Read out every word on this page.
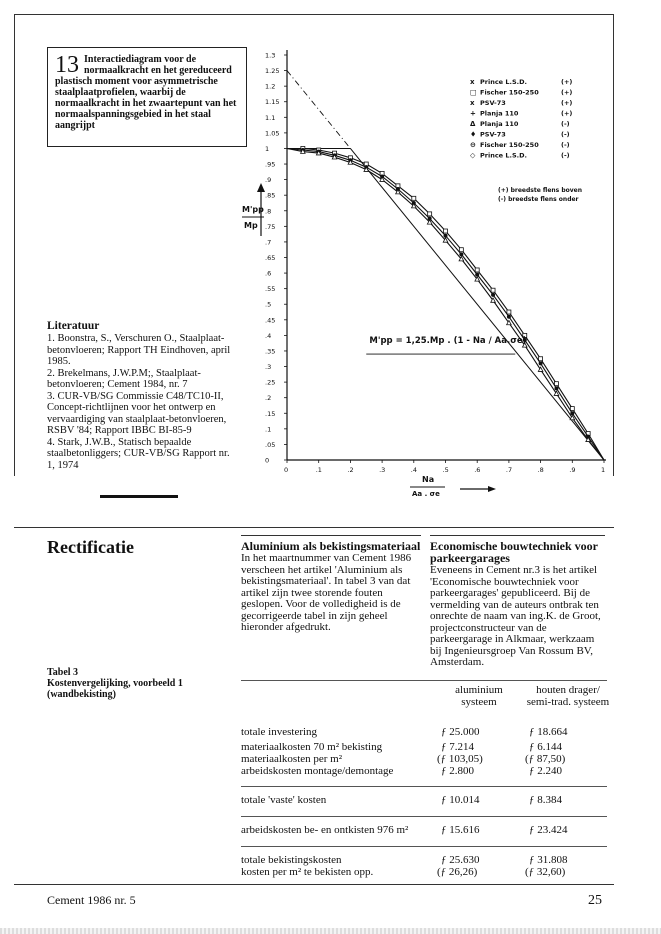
13 Interactiediagram voor de normaalkracht en het gereduceerd plastisch moment voor asymmetrische staalplaatprofielen, waarbij de normaalkracht in het zwaartepunt van het normaalspanningsgebied in het staal aangrijpt
Literatuur

1. Boonstra, S., Verschuren O., Staalplaat-betonvloeren; Rapport TH Eindhoven, april 1985.

2. Brekelmans, J.W.P.M;, Staalplaat-betonvloeren; Cement 1984, nr. 7

3. CUR-VB/SG Commissie C48/TC10-II, Concept-richtlijnen voor het ontwerp en vervaardiging van staalplaat-betonvloeren, RSBV '84; Rapport IBBC BI-85-9

4. Stark, J.W.B., Statisch bepaalde staalbetonliggers; CUR-VB/SG Rapport nr. 1, 1974	0
.05
.1
.15
.2
.25
.3
.35
.4
.45
.5
.55
.6
.65
.7
.75
.8
.85
.9
.95
1
1.05
1.1
1.15
1.2
1.25
1.3
0	.1	.2	.3	.4	.5	.6	.7	.8	.9	1
M'pp
Mp
Na
Aa . σe
M'pp = 1,25.Mp . (1 - Na / Aa.σe)
x Prince L.S.D.	(+)
□ Fischer 150-250	(+)
x PSV-73	(+)
+ Planja 110	(+)
Δ Planja 110	(-)
♦ PSV-73	(-)
⊖ Fischer 150-250	(-)
◇ Prince L.S.D.	(-)
(+) breedste flens boven
(-) breedste flens onder
Rectificatie
Tabel 3
Kostenvergelijking, voorbeeld 1
(wandbekisting)
Aluminium als bekistingsmateriaal
In het maartnummer van Cement 1986 verscheen het artikel 'Aluminium als bekistingsmateriaal'. In tabel 3 van dat artikel zijn twee storende fouten geslopen. Voor de volledigheid is de gecorrigeerde tabel in zijn geheel hieronder afgedrukt.
Economische bouwtechniek voor parkeergarages
Eveneens in Cement nr.3 is het artikel 'Economische bouwtechniek voor parkeergarages' gepubliceerd. Bij de vermelding van de auteurs ontbrak ten onrechte de naam van ing.K. de Groot, projectconstructeur van de parkeergarage in Alkmaar, werkzaam bij Ingenieursgroep Van Rossum BV, Amsterdam.
aluminium
systeem
houten drager/
semi-trad. systeem
totale investering	ƒ 25.000	ƒ 18.664
materiaalkosten 70 m² bekisting	ƒ 7.214	ƒ 6.144
materiaalkosten per m²	(ƒ 103,05)	(ƒ 87,50)
arbeidskosten montage/demontage	ƒ 2.800	ƒ 2.240
totale 'vaste' kosten	ƒ 10.014	ƒ 8.384
arbeidskosten be- en ontkisten 976 m²	ƒ 15.616	ƒ 23.424
totale bekistingskosten	ƒ 25.630	ƒ 31.808
kosten per m² te bekisten opp.	(ƒ 26,26)	(ƒ 32,60)
Cement 1986 nr. 5	25
